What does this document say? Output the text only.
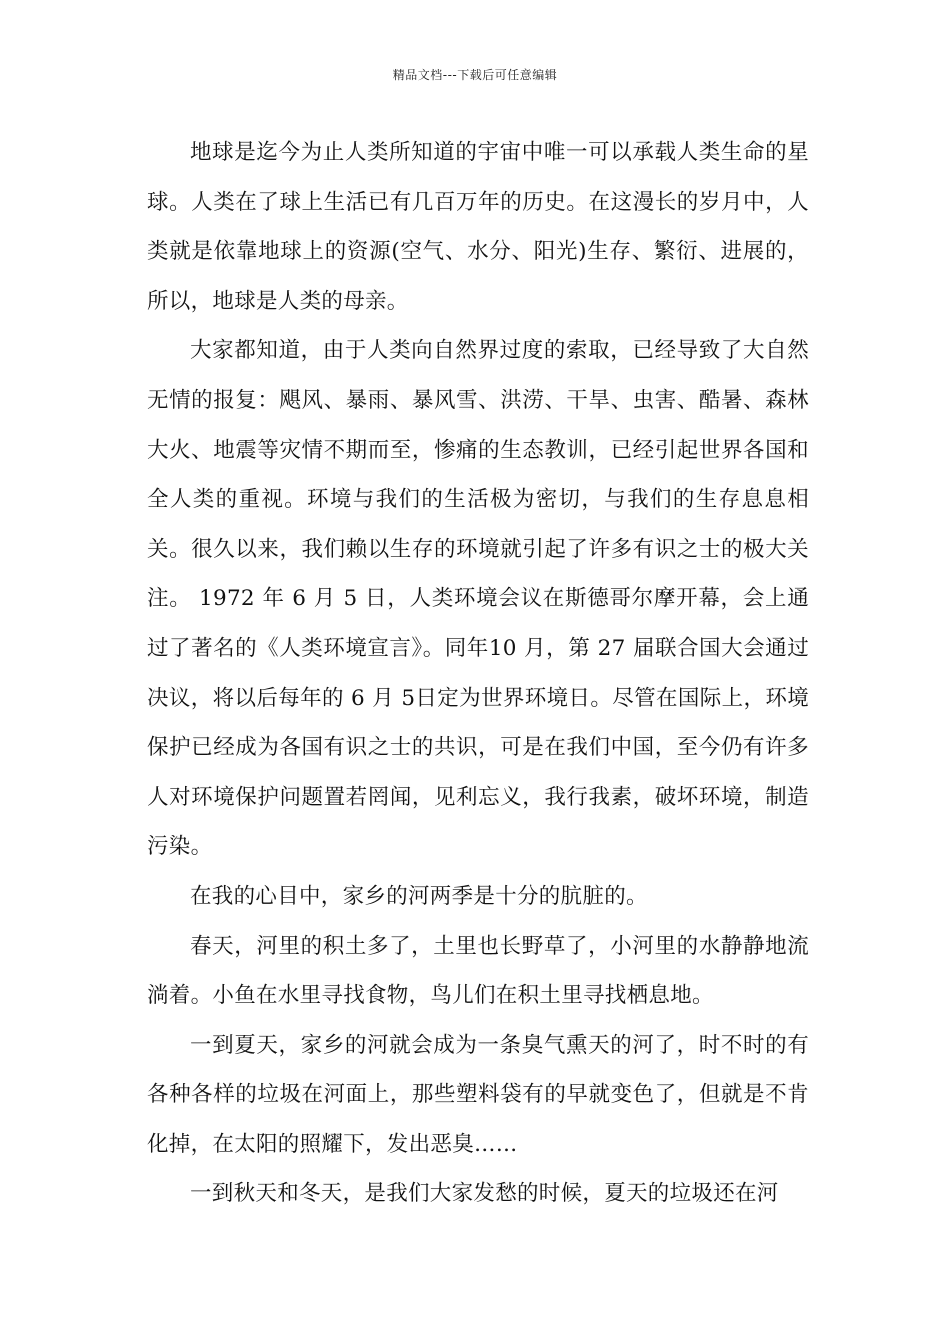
精品文档---下载后可任意编辑

地球是迄今为止人类所知道的宇宙中唯一可以承载人类生命的星球。人类在了球上生活已有几百万年的历史。在这漫长的岁月中，人类就是依靠地球上的资源(空气、水分、阳光)生存、繁衍、进展的，所以，地球是人类的母亲。

大家都知道，由于人类向自然界过度的索取，已经导致了大自然无情的报复：飓风、暴雨、暴风雪、洪涝、干旱、虫害、酷暑、森林大火、地震等灾情不期而至，惨痛的生态教训，已经引起世界各国和全人类的重视。环境与我们的生活极为密切，与我们的生存息息相关。很久以来，我们赖以生存的环境就引起了许多有识之士的极大关注。 1972 年 6 月 5 日，人类环境会议在斯德哥尔摩开幕，会上通过了著名的《人类环境宣言》。同年10 月，第 27 届联合国大会通过决议，将以后每年的 6 月 5日定为世界环境日。尽管在国际上，环境保护已经成为各国有识之士的共识，可是在我们中国，至今仍有许多人对环境保护问题置若罔闻，见利忘义，我行我素，破坏环境，制造污染。

在我的心目中，家乡的河两季是十分的肮脏的。

春天，河里的积土多了，土里也长野草了，小河里的水静静地流淌着。小鱼在水里寻找食物，鸟儿们在积土里寻找栖息地。

一到夏天，家乡的河就会成为一条臭气熏天的河了，时不时的有各种各样的垃圾在河面上，那些塑料袋有的早就变色了，但就是不肯化掉，在太阳的照耀下，发出恶臭……

一到秋天和冬天，是我们大家发愁的时候，夏天的垃圾还在河
